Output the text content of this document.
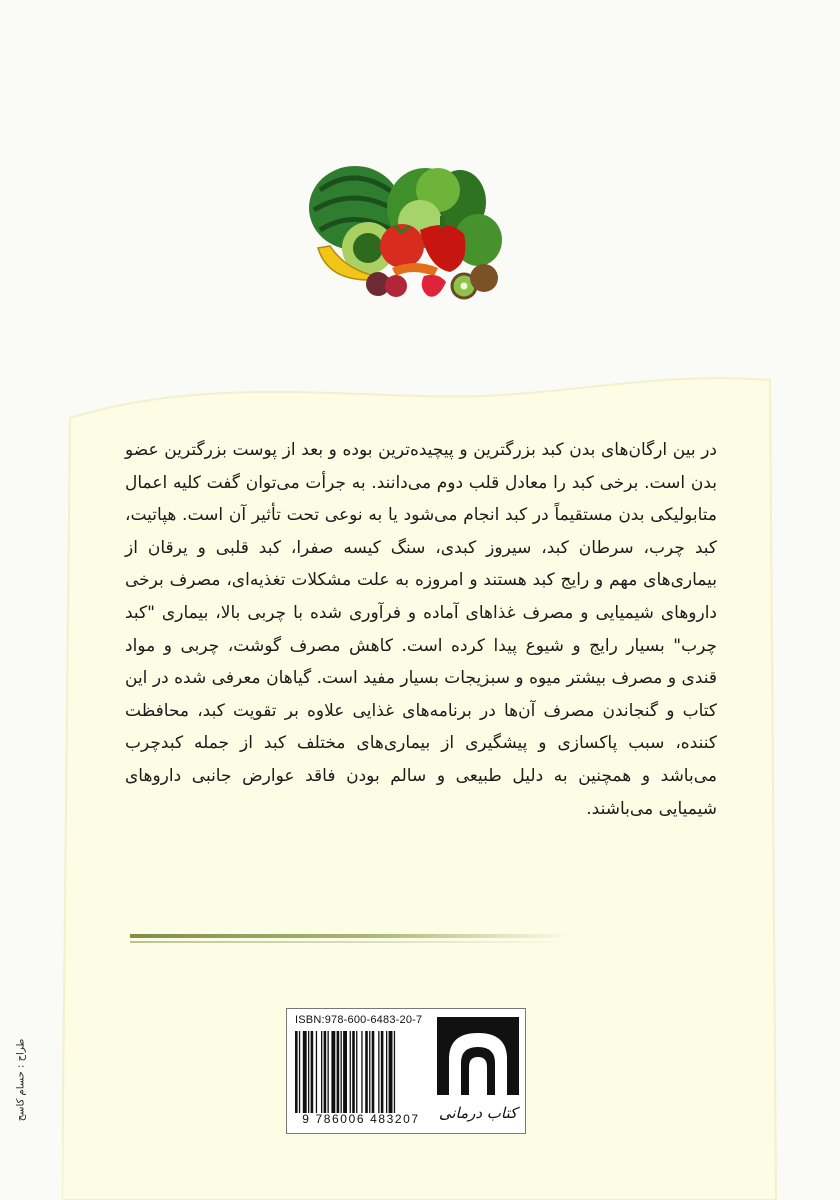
در بین ارگان‌های بدن کبد بزرگترین و پیچیده‌ترین بوده و بعد از پوست بزرگترین عضو بدن است. برخی کبد را معادل قلب دوم می‌دانند. به جرأت می‌توان گفت کلیه اعمال متابولیکی بدن مستقیماً در کبد انجام می‌شود یا به نوعی تحت تأثیر آن است. هپاتیت، کبد چرب، سرطان کبد، سیروز کبدی، سنگ کیسه صفرا، کبد قلبی و یرقان از بیماری‌های مهم و رایج کبد هستند و امروزه به علت مشکلات تغذیه‌ای، مصرف برخی داروهای شیمیایی و مصرف غذاهای آماده و فرآوری شده با چربی بالا، بیماری "کبد چرب" بسیار رایج و شیوع پیدا کرده است. کاهش مصرف گوشت، چربی و مواد قندی و مصرف بیشتر میوه و سبزیجات بسیار مفید است. گیاهان معرفی شده در این کتاب و گنجاندن مصرف آن‌ها در برنامه‌های غذایی علاوه بر تقویت کبد، محافظت کننده، سبب پاکسازی و پیشگیری از بیماری‌های مختلف کبد از جمله کبدچرب می‌باشد و همچنین به دلیل طبیعی و سالم بودن فاقد عوارض جانبی داروهای شیمیایی می‌باشند.

ISBN:978-600-6483-20-7
9 786006 483207	کتاب درمانی
طراح : حسام کاسح
